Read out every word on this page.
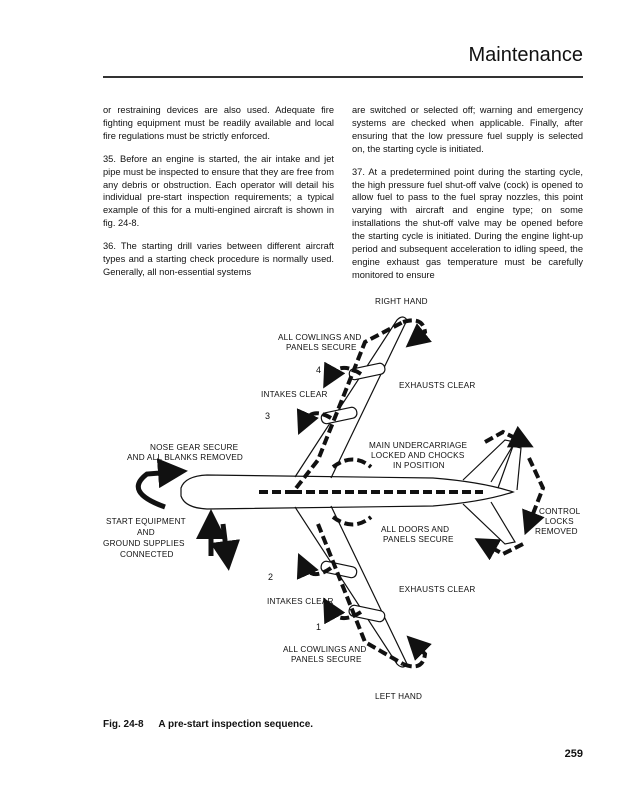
Maintenance

or restraining devices are also used. Adequate fire fighting equipment must be readily available and local fire regulations must be strictly enforced.

35. Before an engine is started, the air intake and jet pipe must be inspected to ensure that they are free from any debris or obstruction. Each operator will detail his individual pre-start inspection requirements; a typical example of this for a multi-engined aircraft is shown in fig. 24-8.

36. The starting drill varies between different aircraft types and a starting check procedure is normally used. Generally, all non-essential systems

are switched or selected off; warning and emergency systems are checked when applicable. Finally, after ensuring that the low pressure fuel supply is selected on, the starting cycle is initiated.

37. At a predetermined point during the starting cycle, the high pressure fuel shut-off valve (cock) is opened to allow fuel to pass to the fuel spray nozzles, this point varying with aircraft and engine type; on some installations the shut-off valve may be opened before the starting cycle is initiated. During the engine light-up period and subsequent acceleration to idling speed, the engine exhaust gas temperature must be carefully monitored to ensure

RIGHT HAND
ALL COWLINGS AND
PANELS SECURE
4
EXHAUSTS CLEAR
INTAKES CLEAR
3
NOSE GEAR SECURE
AND ALL BLANKS REMOVED
MAIN UNDERCARRIAGE
LOCKED AND CHOCKS
IN POSITION
START EQUIPMENT
AND
GROUND SUPPLIES
CONNECTED
ALL DOORS AND
PANELS SECURE
CONTROL
LOCKS
REMOVED
2
EXHAUSTS CLEAR
INTAKES CLEAR
1
ALL COWLINGS AND
PANELS SECURE
LEFT HAND
Fig. 24-8 A pre-start inspection sequence.
259
